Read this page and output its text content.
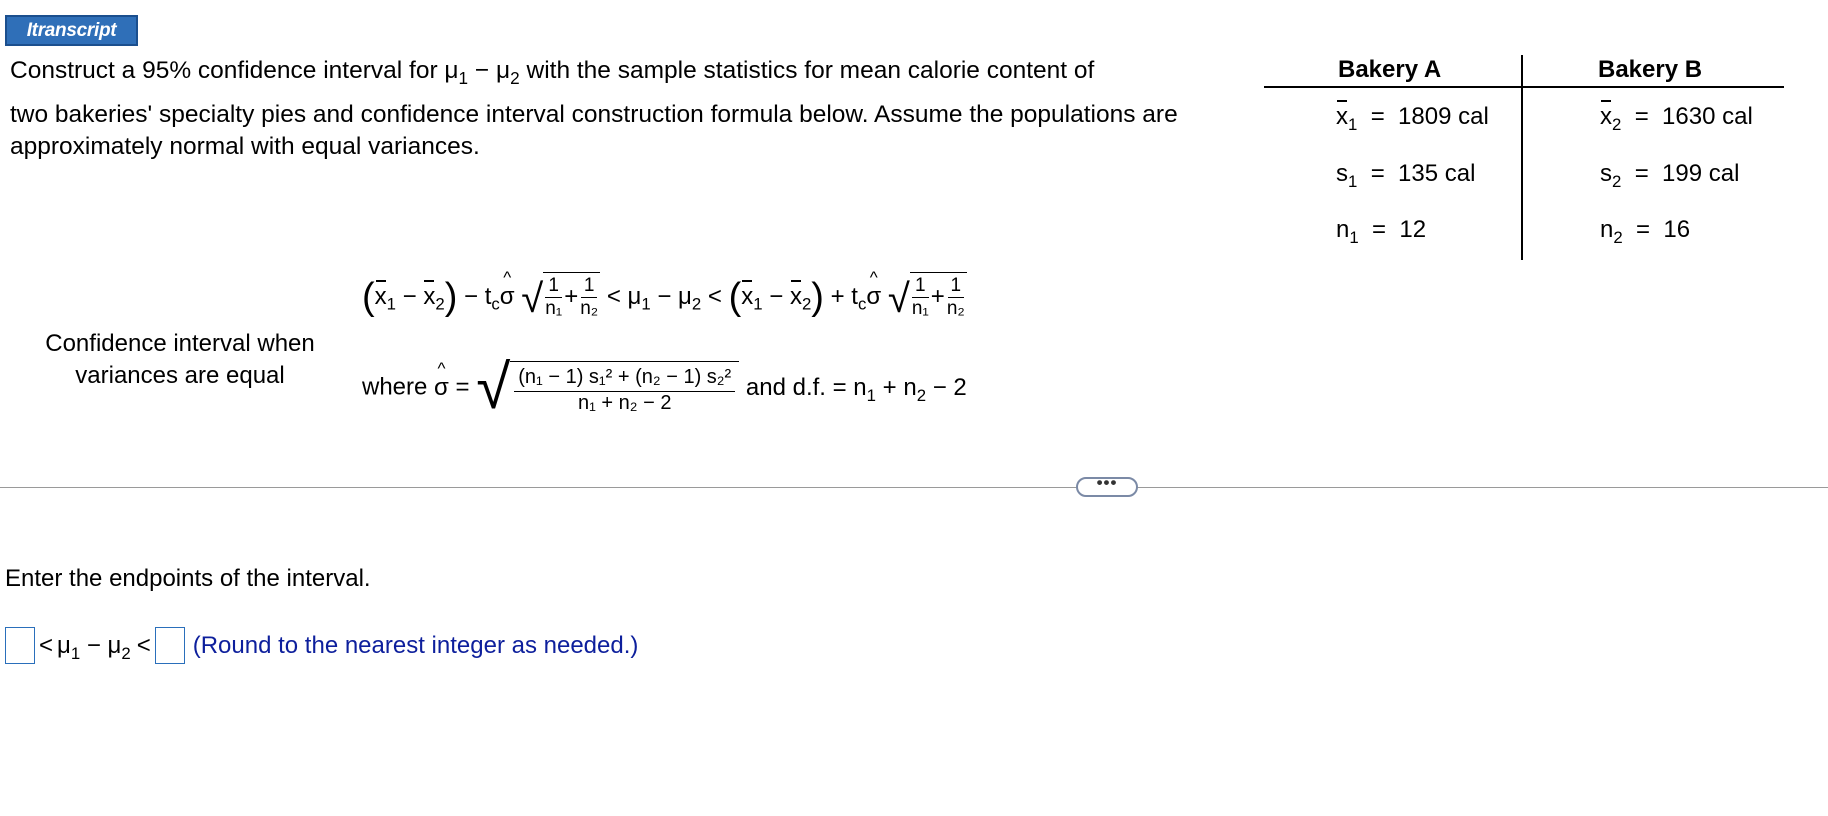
Itranscript
Construct a 95% confidence interval for $\mu_1 - \mu_2$ with the sample statistics for mean calorie content of
two bakeries' specialty pies and confidence interval construction formula below. Assume the populations are
approximately normal with equal variances.
Bakery A	Bakery B
$x_1 = 1809$ cal
$s_1 = 135$ cal
$n_1 = 12$
$x_2 = 1630$ cal
$s_2 = 199$ cal
$n_2 = 16$
Confidence interval when
variances are equal
$(x_1 - x_2)$ − $t_c\^{}$ σ √ $\frac{1}{\text{n₁}} + \frac{1}{\text{n₂}} < \mu_1 - \mu_2 < (x_1 - x_2)$ + $t_c\^{}$ σ √ $\frac{1}{\text{n₁}} + \frac{1}{\text{n₂}}$
where ^ σ = √ $\frac{\text{(n₁ − 1) s₁² + (n₂ − 1) s₂²}}{\text{n₁ + n₂ − 2}}$ and d.f. = $n_1 + n_2 - 2$
•••
Enter the endpoints of the interval.
< $\mu_1 - \mu_2$ < (Round to the nearest integer as needed.)
